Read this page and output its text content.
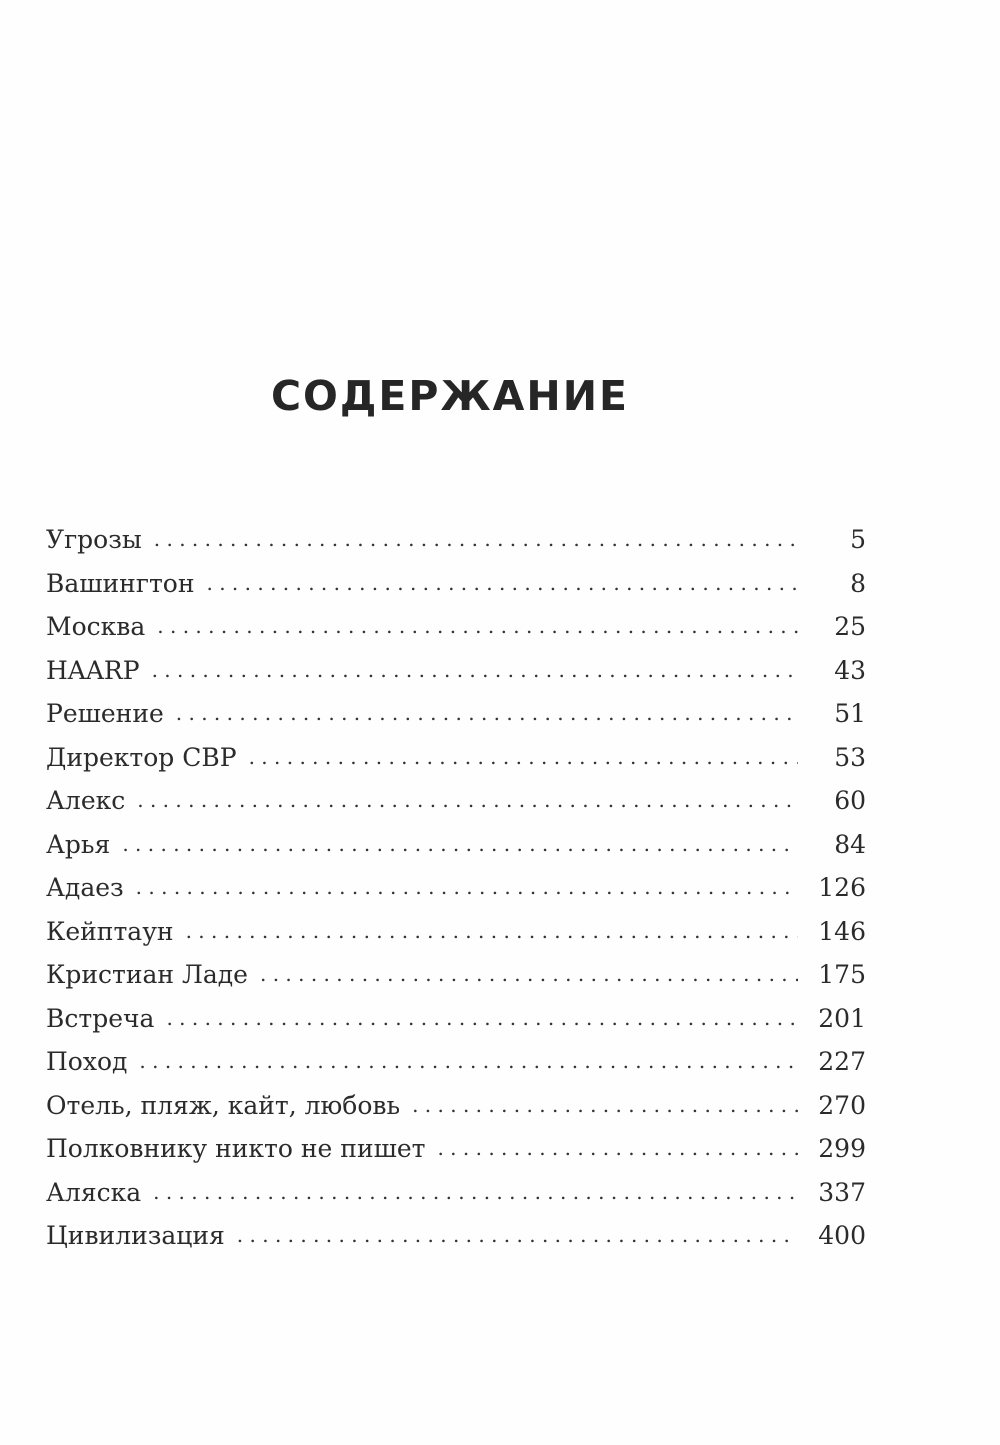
СОДЕРЖАНИЕ
Угрозы . . .	5
Вашингтон . . .	8
Москва . . .	25
HAARP . . .	43
Решение . . .	51
Директор СВР . . .	53
Алекс . . .	60
Арья . . .	84
Адаез . . .	126
Кейптаун . . .	146
Кристиан Ладе . . .	175
Встреча . . .	201
Поход . . .	227
Отель, пляж, кайт, любовь . . .	270
Полковнику никто не пишет . . .	299
Аляска . . .	337
Цивилизация . . .	400
